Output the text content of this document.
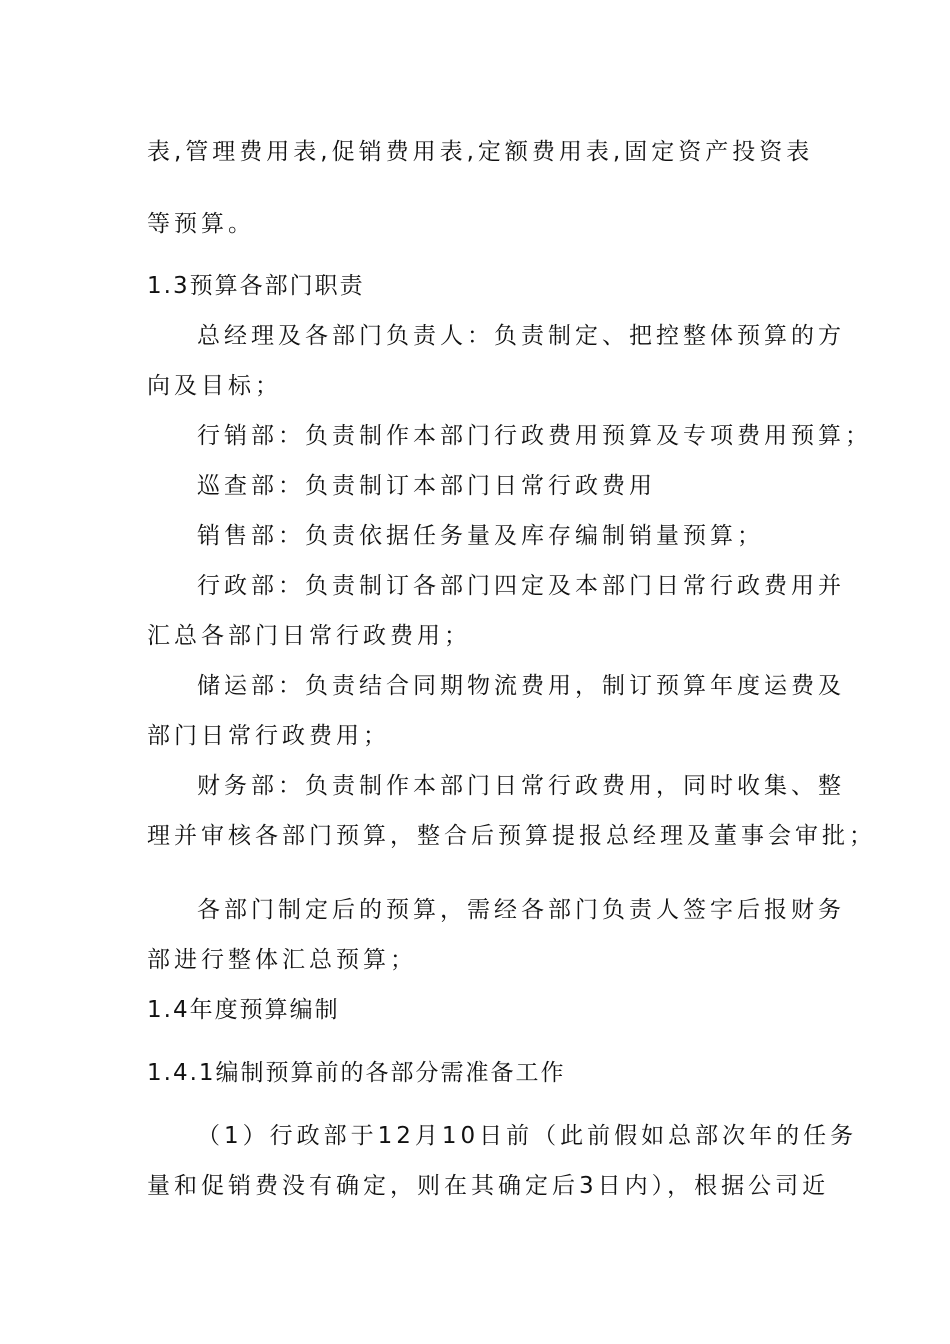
表,管理费用表,促销费用表,定额费用表,固定资产投资表
等预算。
1.3预算各部门职责
总经理及各部门负责人：负责制定、把控整体预算的方
向及目标；
行销部：负责制作本部门行政费用预算及专项费用预算；
巡查部：负责制订本部门日常行政费用
销售部：负责依据任务量及库存编制销量预算；
行政部：负责制订各部门四定及本部门日常行政费用并
汇总各部门日常行政费用；
储运部：负责结合同期物流费用，制订预算年度运费及
部门日常行政费用；
财务部：负责制作本部门日常行政费用，同时收集、整
理并审核各部门预算，整合后预算提报总经理及董事会审批；
各部门制定后的预算，需经各部门负责人签字后报财务
部进行整体汇总预算；
1.4年度预算编制
1.4.1编制预算前的各部分需准备工作
（1）行政部于12月10日前（此前假如总部次年的任务
量和促销费没有确定，则在其确定后3日内），根据公司近
